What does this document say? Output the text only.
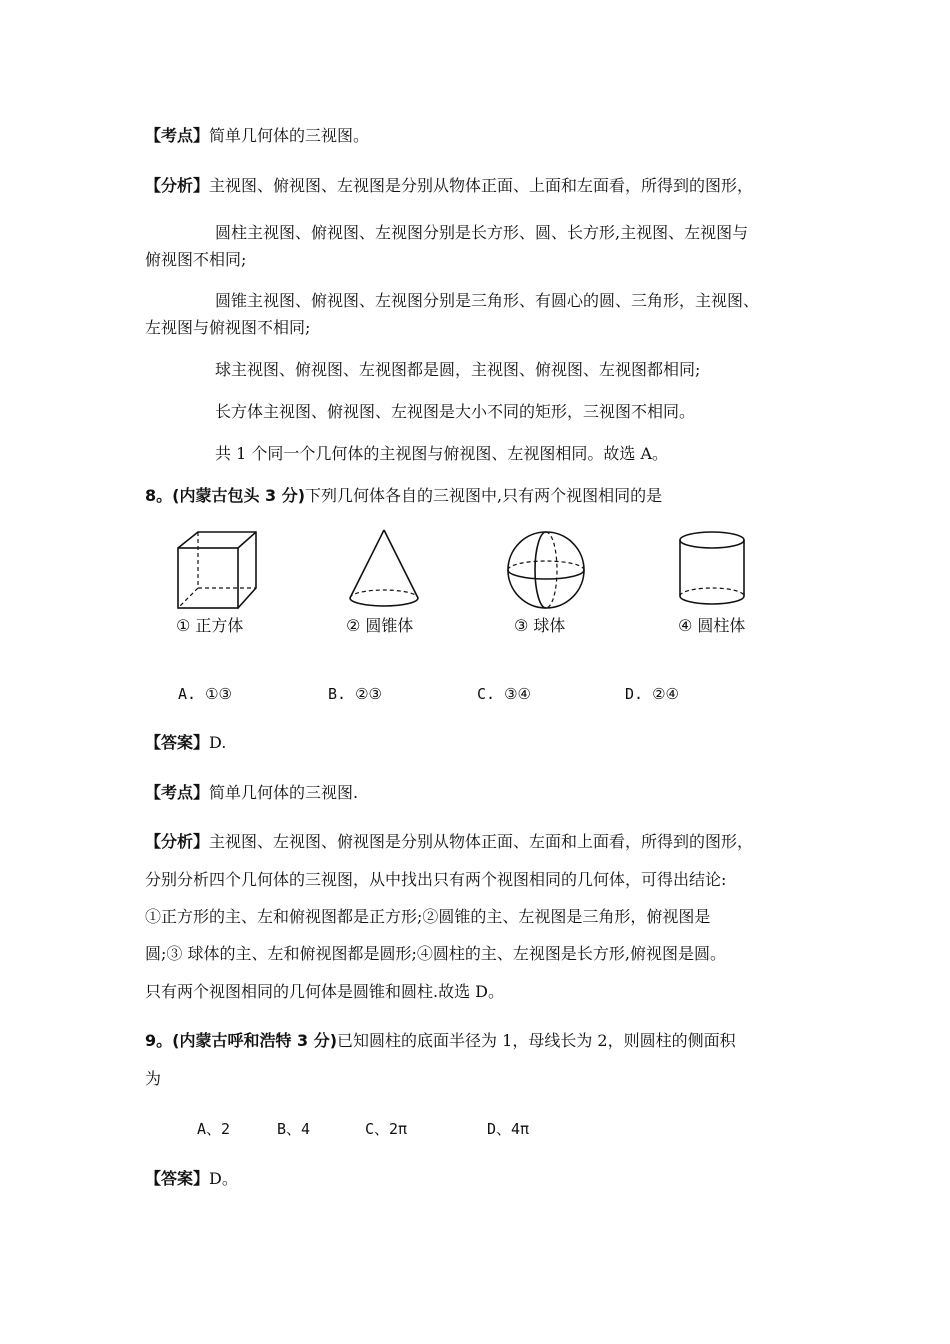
【考点】简单几何体的三视图。
【分析】主视图、俯视图、左视图是分别从物体正面、上面和左面看，所得到的图形，
圆柱主视图、俯视图、左视图分别是长方形、圆、长方形,主视图、左视图与
俯视图不相同;
圆锥主视图、俯视图、左视图分别是三角形、有圆心的圆、三角形，主视图、
左视图与俯视图不相同;
球主视图、俯视图、左视图都是圆，主视图、俯视图、左视图都相同;
长方体主视图、俯视图、左视图是大小不同的矩形，三视图不相同。
共 1 个同一个几何体的主视图与俯视图、左视图相同。故选 A。
8。(内蒙古包头 3 分)下列几何体各自的三视图中,只有两个视图相同的是
① 正方体	② 圆锥体	③ 球体	④ 圆柱体
A. ①③	B. ②③	C. ③④	D. ②④
【答案】D.
【考点】简单几何体的三视图.
【分析】主视图、左视图、俯视图是分别从物体正面、左面和上面看，所得到的图形，
分别分析四个几何体的三视图，从中找出只有两个视图相同的几何体，可得出结论:
①正方形的主、左和俯视图都是正方形;②圆锥的主、左视图是三角形，俯视图是
圆;③ 球体的主、左和俯视图都是圆形;④圆柱的主、左视图是长方形,俯视图是圆。
只有两个视图相同的几何体是圆锥和圆柱.故选 D。
9。(内蒙古呼和浩特 3 分)已知圆柱的底面半径为 1，母线长为 2，则圆柱的侧面积
为
A、2	B、4	C、2π	D、4π
【答案】D。
